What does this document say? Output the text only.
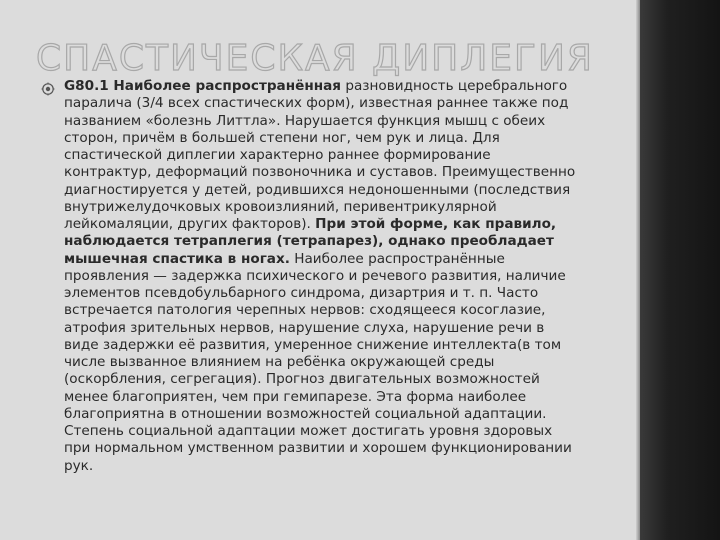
СПАСТИЧЕСКАЯ ДИПЛЕГИЯ
G80.1 Наиболее распространённая разновидность церебрального паралича (3/4 всех спастических форм), известная раннее также под названием «болезнь Литтла». Нарушается функция мышц с обеих сторон, причём в большей степени ног, чем рук и лица. Для спастической диплегии характерно раннее формирование контрактур, деформаций позвоночника и суставов. Преимущественно диагностируется у детей, родившихся недоношенными (последствия внутрижелудочковых кровоизлияний, перивентрикулярной лейкомаляции, других факторов). При этой форме, как правило, наблюдается тетраплегия (тетрапарез), однако преобладает мышечная спастика в ногах. Наиболее распространённые проявления — задержка психического и речевого развития, наличие элементов псевдобульбарного синдрома, дизартрия и т. п. Часто встречается патология черепных нервов: сходящееся косоглазие, атрофия зрительных нервов, нарушение слуха, нарушение речи в виде задержки её развития, умеренное снижение интеллекта(в том числе вызванное влиянием на ребёнка окружающей среды (оскорбления, сегрегация). Прогноз двигательных возможностей менее благоприятен, чем при гемипарезе. Эта форма наиболее благоприятна в отношении возможностей социальной адаптации. Степень социальной адаптации может достигать уровня здоровых при нормальном умственном развитии и хорошем функционировании рук.
